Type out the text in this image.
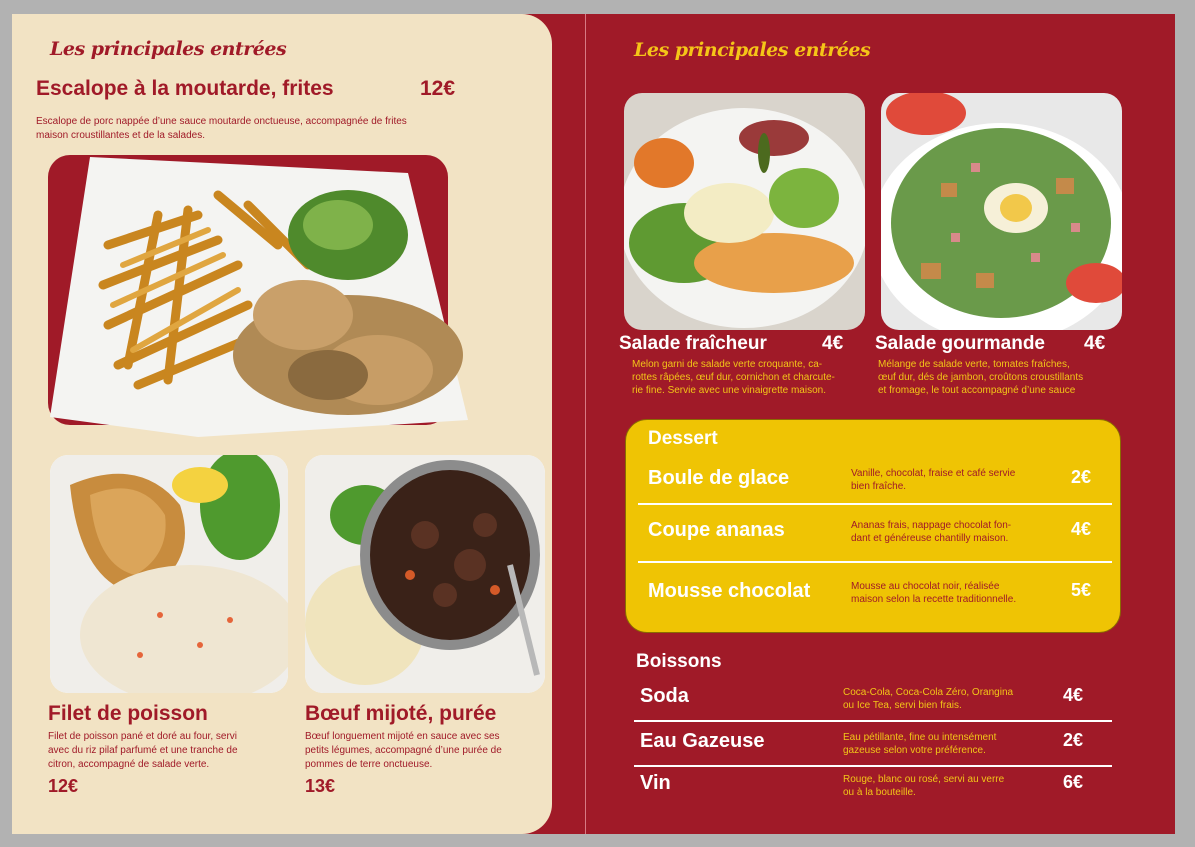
Les principales entrées
Escalope à la moutarde, frites	12€
Escalope de porc nappée d’une sauce moutarde onctueuse, accompagnée de frites
maison croustillantes et de la salades.
Filet de poisson
Filet de poisson pané et doré au four, servi
avec du riz pilaf parfumé et une tranche de
citron, accompagné de salade verte.
12€
Bœuf mijoté, purée
Bœuf longuement mijoté en sauce avec ses
petits légumes, accompagné d’une purée de
pommes de terre onctueuse.
13€
Les principales entrées
Salade fraîcheur	4€
Melon garni de salade verte croquante, ca-
rottes râpées, œuf dur, cornichon et charcute-
rie fine. Servie avec une vinaigrette maison.
Salade gourmande 4€
Mélange de salade verte, tomates fraîches,
œuf dur, dés de jambon, croûtons croustillants
et fromage, le tout accompagné d’une sauce
Dessert
Boule de glace	Vanille, chocolat, fraise et café servie
bien fraîche.	2€
Coupe ananas	Ananas frais, nappage chocolat fon-
dant et généreuse chantilly maison.	4€
Mousse chocolat	Mousse au chocolat noir, réalisée
maison selon la recette traditionnelle.	5€
Boissons
Soda	Coca-Cola, Coca-Cola Zéro, Orangina
ou Ice Tea, servi bien frais.
4€
Eau Gazeuse	Eau pétillante, fine ou intensément
gazeuse selon votre préférence.
2€
Vin	Rouge, blanc ou rosé, servi au verre
ou à la bouteille.
6€
